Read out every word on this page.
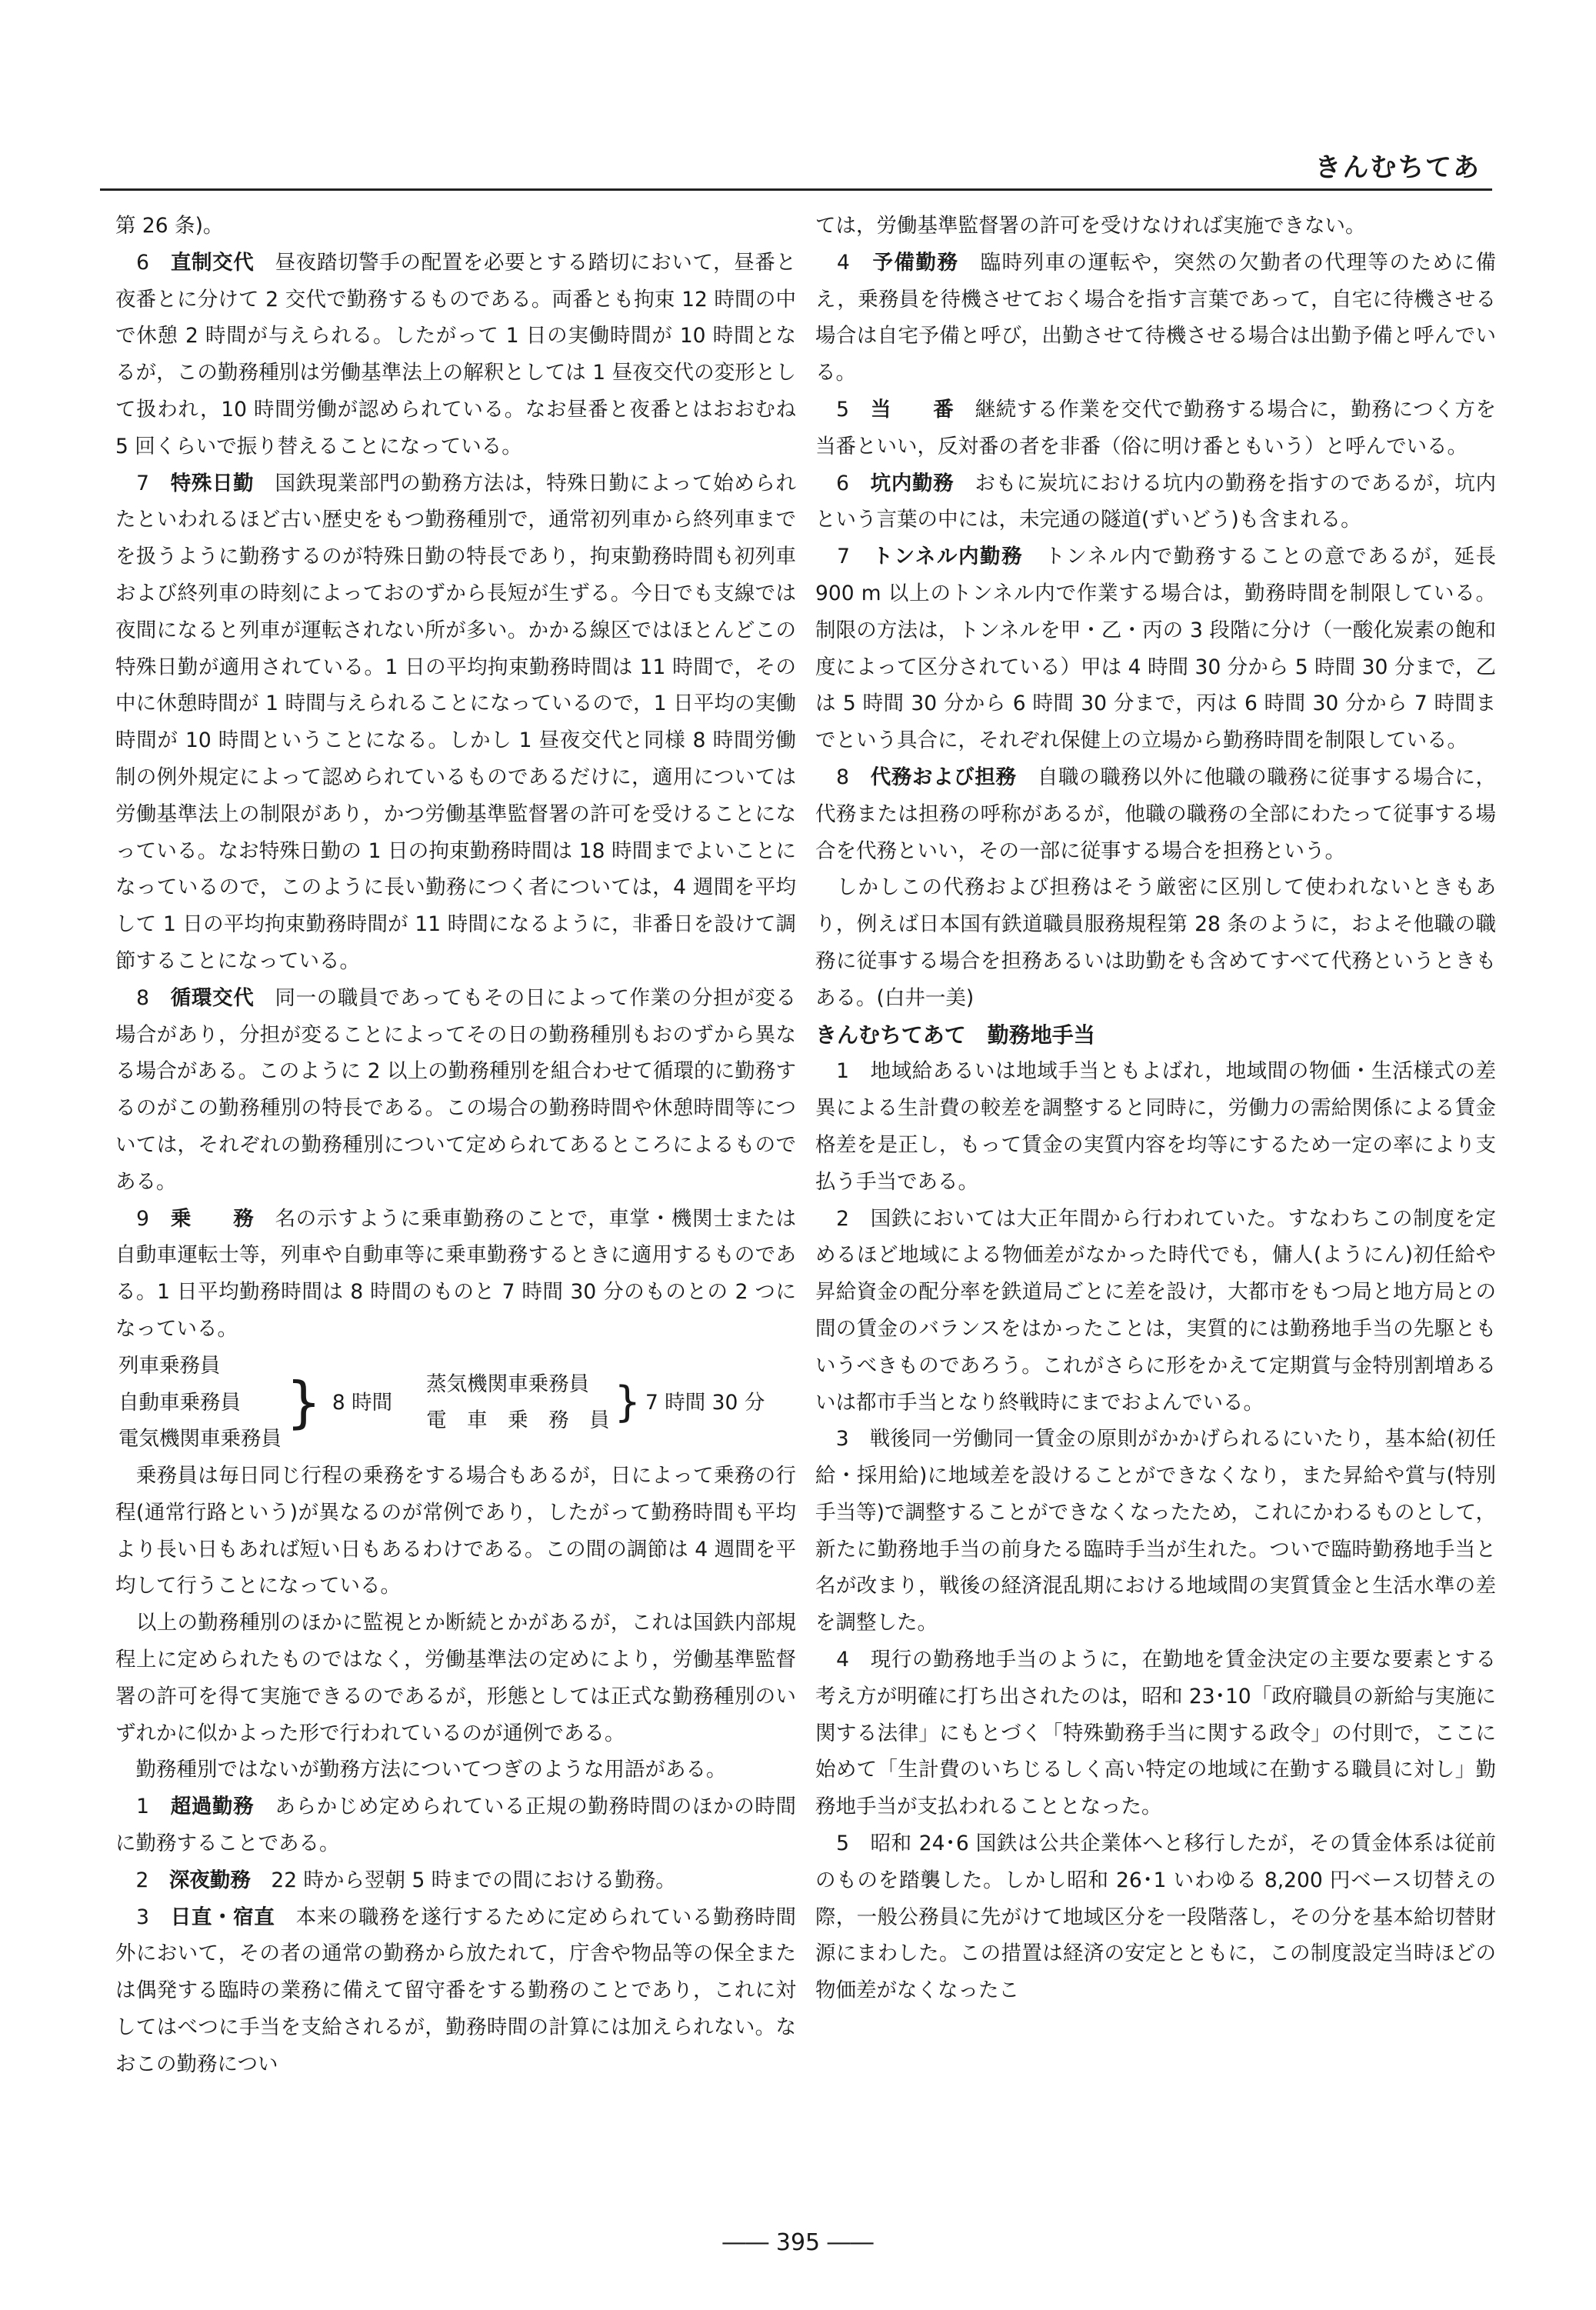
きんむちてあ

第 26 条)。

　6　 直制交代　 昼夜踏切警手の配置を必要とする踏切において，昼番と夜番とに分けて 2 交代で勤務するものである。両番とも拘束 12 時間の中で休憩 2 時間が与えられる。したがって 1 日の実働時間が 10 時間となるが，この勤務種別は労働基準法上の解釈としては 1 昼夜交代の変形として扱われ，10 時間労働が認められている。なお昼番と夜番とはおおむね 5 回くらいで振り替えることになっている。

　7　 特殊日勤　 国鉄現業部門の勤務方法は，特殊日勤によって始められたといわれるほど古い歴史をもつ勤務種別で，通常初列車から終列車までを扱うように勤務するのが特殊日勤の特長であり，拘束勤務時間も初列車および終列車の時刻によっておのずから長短が生ずる。今日でも支線では夜間になると列車が運転されない所が多い。かかる線区ではほとんどこの特殊日勤が適用されている。1 日の平均拘束勤務時間は 11 時間で，その中に休憩時間が 1 時間与えられることになっているので，1 日平均の実働時間が 10 時間ということになる。しかし 1 昼夜交代と同様 8 時間労働制の例外規定によって認められているものであるだけに，適用については労働基準法上の制限があり，かつ労働基準監督署の許可を受けることになっている。なお特殊日勤の 1 日の拘束勤務時間は 18 時間までよいことになっているので，このように長い勤務につく者については，4 週間を平均して 1 日の平均拘束勤務時間が 11 時間になるように，非番日を設けて調節することになっている。

　8　 循環交代　 同一の職員であってもその日によって作業の分担が変る場合があり，分担が変ることによってその日の勤務種別もおのずから異なる場合がある。このように 2 以上の勤務種別を組合わせて循環的に勤務するのがこの勤務種別の特長である。この場合の勤務時間や休憩時間等については，それぞれの勤務種別について定められてあるところによるものである。

　9　 乗　　務　 名の示すように乗車勤務のことで，車掌・機関士または自動車運転士等，列車や自動車等に乗車勤務するときに適用するものである。1 日平均勤務時間は 8 時間のものと 7 時間 30 分のものとの 2 つになっている。

列車乗務員
自動車乗務員
電気機関車乗務員
} 8 時間
蒸気機関車乗務員
電　車　乗　務　員 } 7 時間 30 分

　乗務員は毎日同じ行程の乗務をする場合もあるが，日によって乗務の行程(通常行路という)が異なるのが常例であり，したがって勤務時間も平均より長い日もあれば短い日もあるわけである。この間の調節は 4 週間を平均して行うことになっている。

　以上の勤務種別のほかに監視とか断続とかがあるが，これは国鉄内部規程上に定められたものではなく，労働基準法の定めにより，労働基準監督署の許可を得て実施できるのであるが，形態としては正式な勤務種別のいずれかに似かよった形で行われているのが通例である。

　勤務種別ではないが勤務方法についてつぎのような用語がある。

　1　 超過勤務　 あらかじめ定められている正規の勤務時間のほかの時間に勤務することである。

　2　 深夜勤務　 22 時から翌朝 5 時までの間における勤務。

　3　 日直・宿直　 本来の職務を遂行するために定められている勤務時間外において，その者の通常の勤務から放たれて，庁舎や物品等の保全または偶発する臨時の業務に備えて留守番をする勤務のことであり，これに対してはべつに手当を支給されるが，勤務時間の計算には加えられない。なおこの勤務につい

ては，労働基準監督署の許可を受けなければ実施できない。

　4　 予備勤務　 臨時列車の運転や，突然の欠勤者の代理等のために備え，乗務員を待機させておく場合を指す言葉であって，自宅に待機させる場合は自宅予備と呼び，出勤させて待機させる場合は出勤予備と呼んでいる。

　5　 当　　番　 継続する作業を交代で勤務する場合に，勤務につく方を当番といい，反対番の者を非番（俗に明け番ともいう）と呼んでいる。

　6　 坑内勤務　 おもに炭坑における坑内の勤務を指すのであるが，坑内という言葉の中には，未完通の隧道(ずいどう)も含まれる。

　7　 トンネル内勤務　 トンネル内で勤務することの意であるが，延長 900 m 以上のトンネル内で作業する場合は，勤務時間を制限している。制限の方法は，トンネルを甲・乙・丙の 3 段階に分け（一酸化炭素の飽和度によって区分されている）甲は 4 時間 30 分から 5 時間 30 分まで，乙は 5 時間 30 分から 6 時間 30 分まで，丙は 6 時間 30 分から 7 時間までという具合に，それぞれ保健上の立場から勤務時間を制限している。

　8　 代務および担務　 自職の職務以外に他職の職務に従事する場合に，代務または担務の呼称があるが，他職の職務の全部にわたって従事する場合を代務といい，その一部に従事する場合を担務という。

　しかしこの代務および担務はそう厳密に区別して使われないときもあり，例えば日本国有鉄道職員服務規程第 28 条のように，およそ他職の職務に従事する場合を担務あるいは助勤をも含めてすべて代務というときもある。(白井一美)

きんむちてあて　勤務地手当

　1　 地域給あるいは地域手当ともよばれ，地域間の物価・生活様式の差異による生計費の較差を調整すると同時に，労働力の需給関係による賃金格差を是正し，もって賃金の実質内容を均等にするため一定の率により支払う手当である。

　2　 国鉄においては大正年間から行われていた。すなわちこの制度を定めるほど地域による物価差がなかった時代でも，傭人(ようにん)初任給や昇給資金の配分率を鉄道局ごとに差を設け，大都市をもつ局と地方局との間の賃金のバランスをはかったことは，実質的には勤務地手当の先駆ともいうべきものであろう。これがさらに形をかえて定期賞与金特別割増あるいは都市手当となり終戦時にまでおよんでいる。

　3　 戦後同一労働同一賃金の原則がかかげられるにいたり，基本給(初任給・採用給)に地域差を設けることができなくなり，また昇給や賞与(特別手当等)で調整することができなくなったため，これにかわるものとして，新たに勤務地手当の前身たる臨時手当が生れた。ついで臨時勤務地手当と名が改まり，戦後の経済混乱期における地域間の実質賃金と生活水準の差を調整した。

　4　 現行の勤務地手当のように，在勤地を賃金決定の主要な要素とする考え方が明確に打ち出されたのは，昭和 23･10「政府職員の新給与実施に関する法律」にもとづく「特殊勤務手当に関する政令」の付則で，ここに始めて「生計費のいちじるしく高い特定の地域に在勤する職員に対し」勤務地手当が支払われることとなった。

　5　 昭和 24･6 国鉄は公共企業体へと移行したが，その賃金体系は従前のものを踏襲した。しかし昭和 26･1 いわゆる 8,200 円ベース切替えの際，一般公務員に先がけて地域区分を一段階落し，その分を基本給切替財源にまわした。この措置は経済の安定とともに，この制度設定当時ほどの物価差がなくなったこ

―― 395 ――
